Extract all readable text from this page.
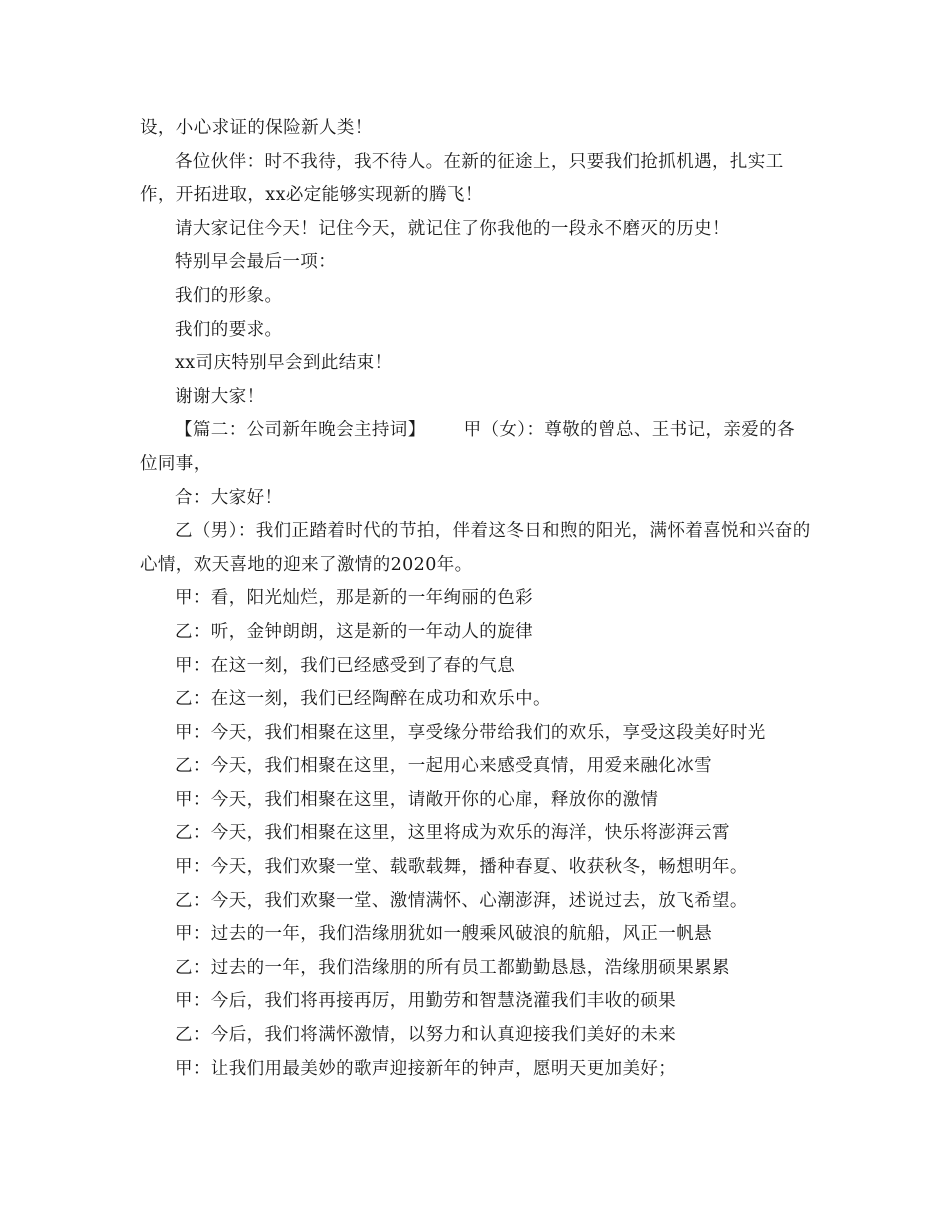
设，小心求证的保险新人类！

各位伙伴：时不我待，我不待人。在新的征途上，只要我们抢抓机遇，扎实工作，开拓进取，xx必定能够实现新的腾飞！

请大家记住今天！记住今天，就记住了你我他的一段永不磨灭的历史！

特别早会最后一项：

我们的形象。

我们的要求。

xx司庆特别早会到此结束！

谢谢大家！

【篇二：公司新年晚会主持词】 甲（女）：尊敬的曾总、王书记，亲爱的各位同事，

合：大家好！

乙（男）：我们正踏着时代的节拍，伴着这冬日和煦的阳光，满怀着喜悦和兴奋的心情，欢天喜地的迎来了激情的2020年。

甲：看，阳光灿烂，那是新的一年绚丽的色彩

乙：听，金钟朗朗，这是新的一年动人的旋律

甲：在这一刻，我们已经感受到了春的气息

乙：在这一刻，我们已经陶醉在成功和欢乐中。

甲：今天，我们相聚在这里，享受缘分带给我们的欢乐，享受这段美好时光

乙：今天，我们相聚在这里，一起用心来感受真情，用爱来融化冰雪

甲：今天，我们相聚在这里，请敞开你的心扉，释放你的激情

乙：今天，我们相聚在这里，这里将成为欢乐的海洋，快乐将澎湃云霄

甲：今天，我们欢聚一堂、载歌载舞，播种春夏、收获秋冬，畅想明年。

乙：今天，我们欢聚一堂、激情满怀、心潮澎湃，述说过去，放飞希望。

甲：过去的一年，我们浩缘朋犹如一艘乘风破浪的航船，风正一帆悬

乙：过去的一年，我们浩缘朋的所有员工都勤勤恳恳，浩缘朋硕果累累

甲：今后，我们将再接再厉，用勤劳和智慧浇灌我们丰收的硕果

乙：今后，我们将满怀激情，以努力和认真迎接我们美好的未来

甲：让我们用最美妙的歌声迎接新年的钟声，愿明天更加美好；
